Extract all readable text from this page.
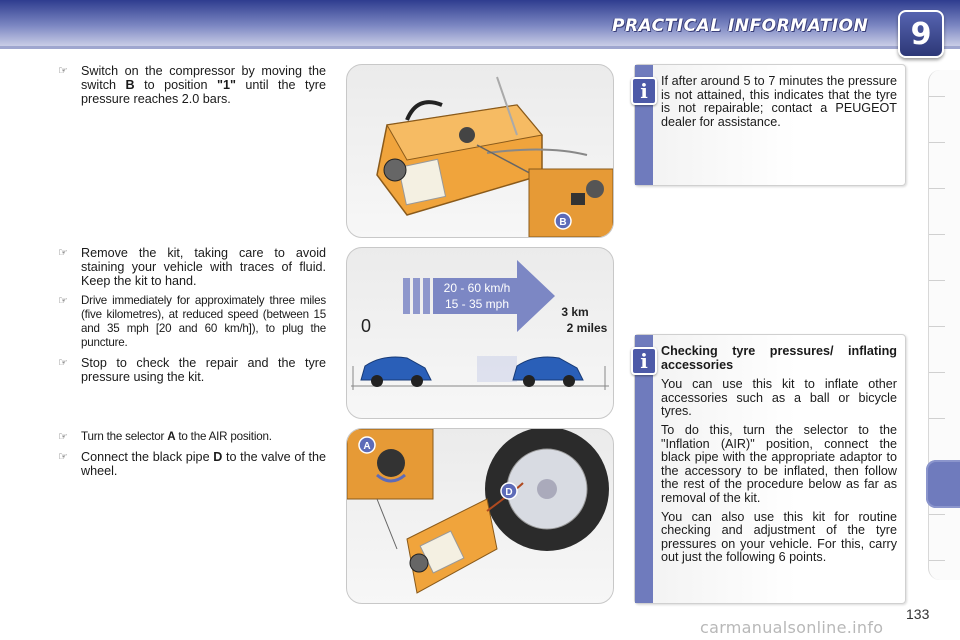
PRACTICAL INFORMATION	9
☞ Switch on the compressor by moving the switch B to position "1" until the tyre pressure reaches 2.0 bars.
☞ Remove the kit, taking care to avoid staining your vehicle with traces of fluid. Keep the kit to hand.
☞ Drive immediately for approximately three miles (five kilometres), at reduced speed (between 15 and 35 mph [20 and 60 km/h]), to plug the puncture.
☞ Stop to check the repair and the tyre pressure using the kit.
☞ Turn the selector A to the AIR position.
☞ Connect the black pipe D to the valve of the wheel.
B
20 - 60 km/h
15 - 35 mph
3 km
2 miles
0
A
D
i	If after around 5 to 7 minutes the pressure is not attained, this indicates that the tyre is not repairable; contact a PEUGEOT dealer for assistance.

i	Checking tyre pressures/ inflating accessories

You can use this kit to inflate other accessories such as a ball or bicycle tyres.

To do this, turn the selector to the "Inflation (AIR)" position, connect the black pipe with the appropriate adaptor to the accessory to be inflated, then follow the rest of the procedure below as far as removal of the kit.

You can also use this kit for routine checking and adjustment of the tyre pressures on your vehicle. For this, carry out just the following 6 points.

133
carmanualsonline.info
